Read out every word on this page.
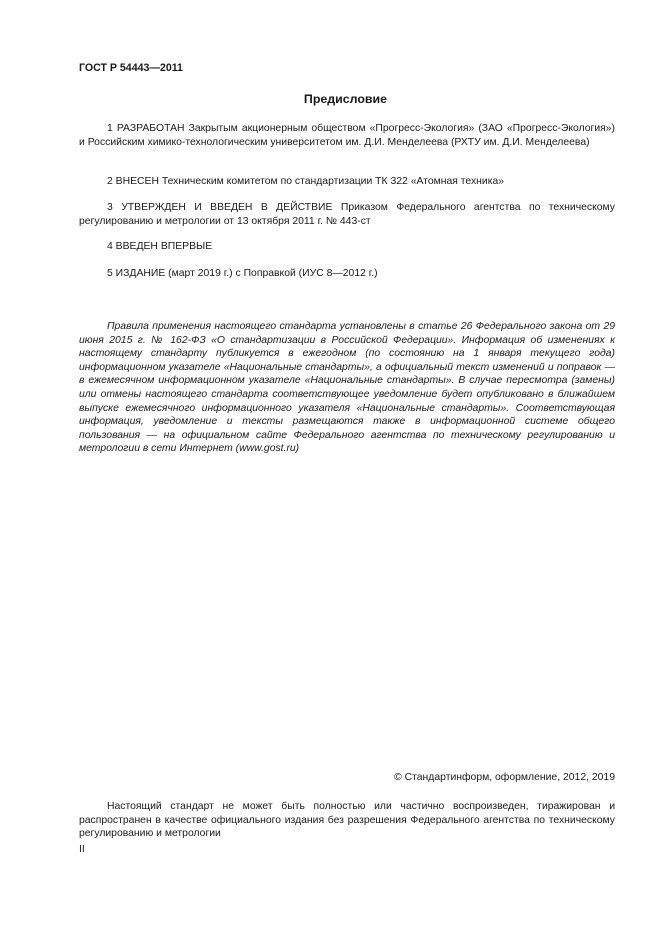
ГОСТ Р 54443—2011
Предисловие

1 РАЗРАБОТАН Закрытым акционерным обществом «Прогресс-Экология» (ЗАО «Прогресс-Экология») и Российским химико-технологическим университетом им. Д.И. Менделеева (РХТУ им. Д.И. Менделеева)

2 ВНЕСЕН Техническим комитетом по стандартизации ТК 322 «Атомная техника»

3 УТВЕРЖДЕН И ВВЕДЕН В ДЕЙСТВИЕ Приказом Федерального агентства по техническому регулированию и метрологии от 13 октября 2011 г. № 443-ст

4 ВВЕДЕН ВПЕРВЫЕ

5 ИЗДАНИЕ (март 2019 г.) с Поправкой (ИУС 8—2012 г.)

Правила применения настоящего стандарта установлены в статье 26 Федерального закона от 29 июня 2015 г. № 162-ФЗ «О стандартизации в Российской Федерации». Информация об изменениях к настоящему стандарту публикуется в ежегодном (по состоянию на 1 января текущего года) информационном указателе «Национальные стандарты», а официальный текст изменений и поправок — в ежемесячном информационном указателе «Национальные стандарты». В случае пересмотра (замены) или отмены настоящего стандарта соответствующее уведомление будет опубликовано в ближайшем выпуске ежемесячного информационного указателя «Национальные стандарты». Соответствующая информация, уведомление и тексты размещаются также в информационной системе общего пользования — на официальном сайте Федерального агентства по техническому регулированию и метрологии в сети Интернет (www.gost.ru)

© Стандартинформ, оформление, 2012, 2019

Настоящий стандарт не может быть полностью или частично воспроизведен, тиражирован и распространен в качестве официального издания без разрешения Федерального агентства по техническому регулированию и метрологии

II
